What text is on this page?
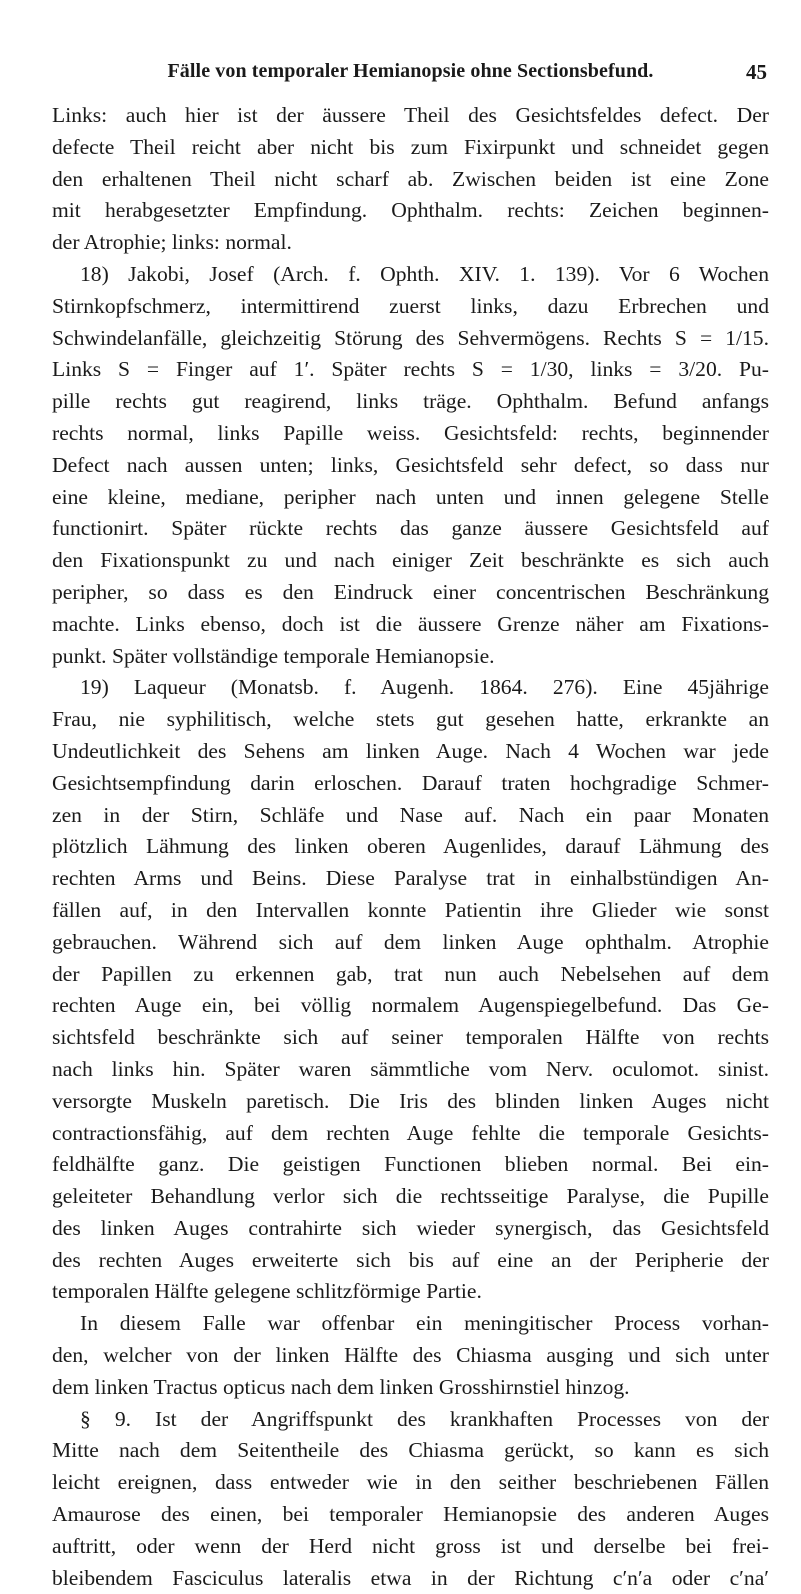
Fälle von temporaler Hemianopsie ohne Sectionsbefund.	45
Links: auch hier ist der äussere Theil des Gesichtsfeldes defect. Der
defecte Theil reicht aber nicht bis zum Fixirpunkt und schneidet gegen
den erhaltenen Theil nicht scharf ab. Zwischen beiden ist eine Zone
mit herabgesetzter Empfindung. Ophthalm. rechts: Zeichen beginnen-
der Atrophie; links: normal.
18) Jakobi, Josef (Arch. f. Ophth. XIV. 1. 139). Vor 6 Wochen
Stirnkopfschmerz, intermittirend zuerst links, dazu Erbrechen und
Schwindelanfälle, gleichzeitig Störung des Sehvermögens. Rechts S = 1/15.
Links S = Finger auf 1′. Später rechts S = 1/30, links = 3/20. Pu-
pille rechts gut reagirend, links träge. Ophthalm. Befund anfangs
rechts normal, links Papille weiss. Gesichtsfeld: rechts, beginnender
Defect nach aussen unten; links, Gesichtsfeld sehr defect, so dass nur
eine kleine, mediane, peripher nach unten und innen gelegene Stelle
functionirt. Später rückte rechts das ganze äussere Gesichtsfeld auf
den Fixationspunkt zu und nach einiger Zeit beschränkte es sich auch
peripher, so dass es den Eindruck einer concentrischen Beschränkung
machte. Links ebenso, doch ist die äussere Grenze näher am Fixations-
punkt. Später vollständige temporale Hemianopsie.
19) Laqueur (Monatsb. f. Augenh. 1864. 276). Eine 45jährige
Frau, nie syphilitisch, welche stets gut gesehen hatte, erkrankte an
Undeutlichkeit des Sehens am linken Auge. Nach 4 Wochen war jede
Gesichtsempfindung darin erloschen. Darauf traten hochgradige Schmer-
zen in der Stirn, Schläfe und Nase auf. Nach ein paar Monaten
plötzlich Lähmung des linken oberen Augenlides, darauf Lähmung des
rechten Arms und Beins. Diese Paralyse trat in einhalbstündigen An-
fällen auf, in den Intervallen konnte Patientin ihre Glieder wie sonst
gebrauchen. Während sich auf dem linken Auge ophthalm. Atrophie
der Papillen zu erkennen gab, trat nun auch Nebelsehen auf dem
rechten Auge ein, bei völlig normalem Augenspiegelbefund. Das Ge-
sichtsfeld beschränkte sich auf seiner temporalen Hälfte von rechts
nach links hin. Später waren sämmtliche vom Nerv. oculomot. sinist.
versorgte Muskeln paretisch. Die Iris des blinden linken Auges nicht
contractionsfähig, auf dem rechten Auge fehlte die temporale Gesichts-
feldhälfte ganz. Die geistigen Functionen blieben normal. Bei ein-
geleiteter Behandlung verlor sich die rechtsseitige Paralyse, die Pupille
des linken Auges contrahirte sich wieder synergisch, das Gesichtsfeld
des rechten Auges erweiterte sich bis auf eine an der Peripherie der
temporalen Hälfte gelegene schlitzförmige Partie.
In diesem Falle war offenbar ein meningitischer Process vorhan-
den, welcher von der linken Hälfte des Chiasma ausging und sich unter
dem linken Tractus opticus nach dem linken Grosshirnstiel hinzog.
§ 9. Ist der Angriffspunkt des krankhaften Processes von der
Mitte nach dem Seitentheile des Chiasma gerückt, so kann es sich
leicht ereignen, dass entweder wie in den seither beschriebenen Fällen
Amaurose des einen, bei temporaler Hemianopsie des anderen Auges
auftritt, oder wenn der Herd nicht gross ist und derselbe bei frei-
bleibendem Fasciculus lateralis etwa in der Richtung c′n′a oder c′na′
